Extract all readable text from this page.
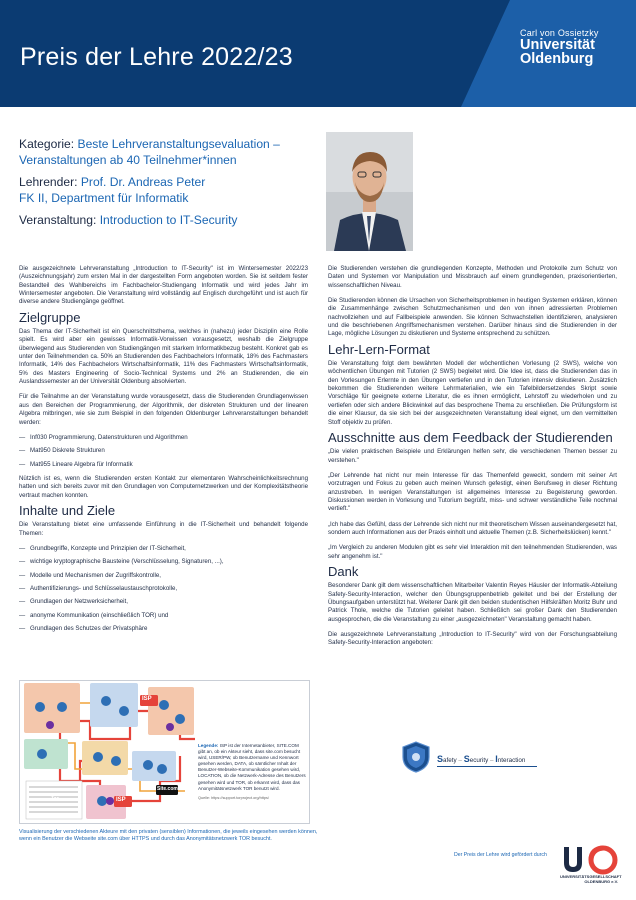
Preis der Lehre 2022/23
Carl von Ossietzky
Universität
Oldenburg
Kategorie: Beste Lehrveranstaltungsevaluation – Veranstaltungen ab 40 Teilnehmer*innen
Lehrender: Prof. Dr. Andreas Peter
FK II, Department für Informatik
Veranstaltung: Introduction to IT-Security

Die ausgezeichnete Lehrveranstaltung „Introduction to IT-Security" ist im Wintersemester 2022/23 (Auszeichnungsjahr) zum ersten Mal in der dargestellten Form angeboten worden. Sie ist seitdem fester Bestandteil des Wahlbereichs im Fachbachelor-Studiengang Informatik und wird jedes Jahr im Wintersemester angeboten. Die Veranstaltung wird vollständig auf Englisch durchgeführt und ist auch für diverse andere Studiengänge geöffnet.

Zielgruppe

Das Thema der IT-Sicherheit ist ein Querschnittsthema, welches in (nahezu) jeder Disziplin eine Rolle spielt. Es wird aber ein gewisses Informatik-Vorwissen vorausgesetzt, weshalb die Zielgruppe überwiegend aus Studierenden von Studiengängen mit starkem Informatikbezug besteht. Konkret gab es unter den Teilnehmenden ca. 50% an Studierenden des Fachbachelors Informatik, 18% des Fachmasters Informatik, 14% des Fachbachelors Wirtschaftsinformatik, 11% des Fachmasters Wirtschaftsinformatik, 5% des Masters Engineering of Socio-Technical Systems und 2% an Studierenden, die ein Auslandssemester an der Universität Oldenburg absolvierten.

Für die Teilnahme an der Veranstaltung wurde vorausgesetzt, dass die Studierenden Grundlagenwissen aus den Bereichen der Programmierung, der Algorithmik, der diskreten Strukturen und der linearen Algebra mitbringen, wie sie zum Beispiel in den folgenden Oldenburger Lehrveranstaltungen behandelt werden:

— Inf030 Programmierung, Datenstrukturen und Algorithmen
— Mat950 Diskrete Strukturen
— Mat955 Lineare Algebra für Informatik

Nützlich ist es, wenn die Studierenden ersten Kontakt zur elementaren Wahrscheinlichkeitsrechnung hatten und sich bereits zuvor mit den Grundlagen von Computernetzwerken und der Komplexitätstheorie vertraut machen konnten.

Inhalte und Ziele

Die Veranstaltung bietet eine umfassende Einführung in die IT-Sicherheit und behandelt folgende Themen:

— Grundbegriffe, Konzepte und Prinzipien der IT-Sicherheit,
— wichtige kryptographische Bausteine (Verschlüsselung, Signaturen, ...),
— Modelle und Mechanismen der Zugriffskontrolle,
— Authentifizierungs- und Schlüsselaustauschprotokolle,
— Grundlagen der Netzwerksicherheit,
— anonyme Kommunikation (einschließlich TOR) und
— Grundlagen des Schutzes der Privatsphäre
ISP
ISP
Site.com
Tor
Legende: ISP ist der Internetanbieter, SITE.COM gibt an, ob ein Akteur sieht, dass site.com besucht wird, USER/PW, ob Benutzername und Kennwort gesehen werden, DATA, ob sämtlicher Inhalt der Benutzer-Webseite-Kommunikation gesehen wird, LOCATION, ob die Netzwerk-Adresse des Benutzers gesehen wird und TOR, ob erkannt wird, dass das Anonymitätsnetzwerk TOR benutzt wird.
Quelle: https://support.torproject.org/https/
Visualisierung der verschiedenen Akteure mit den privaten (sensiblen) Informationen, die jeweils eingesehen werden können, wenn ein Benutzer die Webseite site.com über HTTPS und durch das Anonymitätsnetzwerk TOR besucht.

Die Studierenden verstehen die grundlegenden Konzepte, Methoden und Protokolle zum Schutz von Daten und Systemen vor Manipulation und Missbrauch auf einem grundlegenden, praxisorientierten, wissenschaftlichen Niveau.

Die Studierenden können die Ursachen von Sicherheitsproblemen in heutigen Systemen erklären, können die Zusammenhänge zwischen Schutzmechanismen und den von ihnen adressierten Problemen nachvollziehen und auf Fallbeispiele anwenden. Sie können Schwachstellen identifizieren, analysieren und die beschriebenen Angriffsmechanismen verstehen. Darüber hinaus sind die Studierenden in der Lage, mögliche Lösungen zu diskutieren und Systeme entsprechend zu schützen.

Lehr-Lern-Format

Die Veranstaltung folgt dem bewährten Modell der wöchentlichen Vorlesung (2 SWS), welche von wöchentlichen Übungen mit Tutorien (2 SWS) begleitet wird. Die Idee ist, dass die Studierenden das in den Vorlesungen Erlernte in den Übungen vertiefen und in den Tutorien intensiv diskutieren. Zusätzlich bekommen die Studierenden weitere Lehrmaterialien, wie ein Tafelbildersetzendes Skript sowie Vorschläge für geeignete externe Literatur, die es ihnen ermöglicht, Lehrstoff zu wiederholen und zu vertiefen oder sich andere Blickwinkel auf das besprochene Thema zu erschließen. Die Prüfungsform ist die einer Klausur, da sie sich bei der ausgezeichneten Veranstaltung ideal eignet, um den vermittelten Stoff objektiv zu prüfen.

Ausschnitte aus dem Feedback der Studierenden

„Die vielen praktischen Beispiele und Erklärungen helfen sehr, die verschiedenen Themen besser zu verstehen."

„Der Lehrende hat nicht nur mein Interesse für das Themenfeld geweckt, sondern mit seiner Art vorzutragen und Fokus zu geben auch meinen Wunsch gefestigt, einen Berufsweg in dieser Richtung anzustreben. In wenigen Veranstaltungen ist allgemeines Interesse zu Begeisterung geworden. Diskussionen werden in Vorlesung und Tutorium begrüßt, miss- und schwer verständliche Teile nochmal vertieft."

„Ich habe das Gefühl, dass der Lehrende sich nicht nur mit theoretischem Wissen auseinandergesetzt hat, sondern auch Informationen aus der Praxis einholt und aktuelle Themen (z.B. Sicherheitslücken) kennt."

„Im Vergleich zu anderen Modulen gibt es sehr viel Interaktion mit den teilnehmenden Studierenden, was sehr angenehm ist."

Dank

Besonderer Dank gilt dem wissenschaftlichen Mitarbeiter Valentin Reyes Häusler der Informatik-Abteilung Safety-Security-Interaction, welcher den Übungsgruppenbetrieb geleitet und bei der Erstellung der Übungsaufgaben unterstützt hat. Weiterer Dank gilt den beiden studentischen Hilfskräften Moritz Buhr und Patrick Thole, welche die Tutorien geleitet haben. Schließlich sei großer Dank den Studierenden ausgesprochen, die die Veranstaltung zu einer „ausgezeichneten" Veranstaltung gemacht haben.

Die ausgezeichnete Lehrveranstaltung „Introduction to IT-Security" wird von der Forschungsabteilung Safety-Security-Interaction angeboten:

Safety – Security – Interaction
Der Preis der Lehre wird gefördert durch
UNIVERSITÄTSGESELLSCHAFT OLDENBURG e.V.
